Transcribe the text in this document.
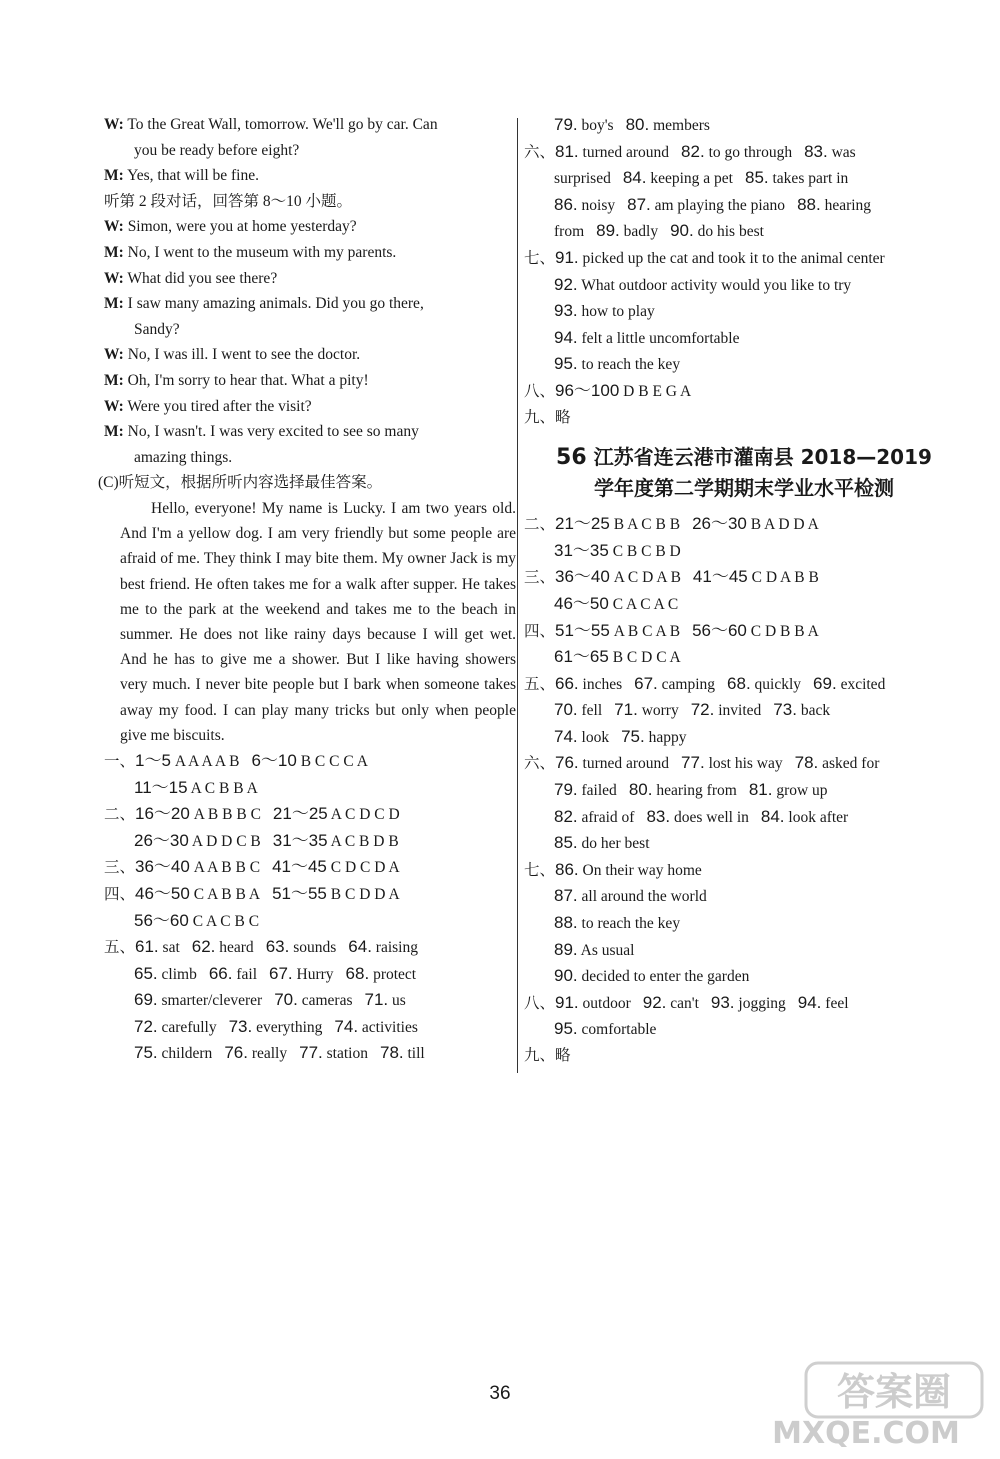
W: To the Great Wall, tomorrow. We'll go by car. Can
you be ready before eight?
M: Yes, that will be fine.
听第 2 段对话，回答第 8～10 小题。
W: Simon, were you at home yesterday?
M: No, I went to the museum with my parents.
W: What did you see there?
M: I saw many amazing animals. Did you go there,
Sandy?
W: No, I was ill. I went to see the doctor.
M: Oh, I'm sorry to hear that. What a pity!
W: Were you tired after the visit?
M: No, I wasn't. I was very excited to see so many
amazing things.
(C)听短文，根据所听内容选择最佳答案。
Hello, everyone! My name is Lucky. I am two years old. And I'm a yellow dog. I am very friendly but some people are afraid of me. They think I may bite them. My owner Jack is my best friend. He often takes me for a walk after supper. He takes me to the park at the weekend and takes me to the beach in summer. He does not like rainy days because I will get wet. And he has to give me a shower. But I like having showers very much. I never bite people but I bark when someone takes away my food. I can play many tricks but only when people give me biscuits.
一、1～5 A A A A B 6～10 B C C C A
11～15 A C B B A
二、16～20 A B B B C 21～25 A C D C D
26～30 A D D C B 31～35 A C B D B
三、36～40 A A B B C 41～45 C D C D A
四、46～50 C A B B A 51～55 B C D D A
56～60 C A C B C
五、61. sat 62. heard 63. sounds 64. raising
65. climb 66. fail 67. Hurry 68. protect
69. smarter/cleverer 70. cameras 71. us
72. carefully 73. everything 74. activities
75. childern 76. really 77. station 78. till
79. boy's 80. members
六、81. turned around 82. to go through 83. was
surprised 84. keeping a pet 85. takes part in
86. noisy 87. am playing the piano 88. hearing
from 89. badly 90. do his best
七、91. picked up the cat and took it to the animal center
92. What outdoor activity would you like to try
93. how to play
94. felt a little uncomfortable
95. to reach the key
八、96～100 D B E G A
九、略
56 江苏省连云港市灌南县 2018—2019
学年度第二学期期末学业水平检测
二、21～25 B A C B B 26～30 B A D D A
31～35 C B C B D
三、36～40 A C D A B 41～45 C D A B B
46～50 C A C A C
四、51～55 A B C A B 56～60 C D B B A
61～65 B C D C A
五、66. inches 67. camping 68. quickly 69. excited
70. fell 71. worry 72. invited 73. back
74. look 75. happy
六、76. turned around 77. lost his way 78. asked for
79. failed 80. hearing from 81. grow up
82. afraid of 83. does well in 84. look after
85. do her best
七、86. On their way home
87. all around the world
88. to reach the key
89. As usual
90. decided to enter the garden
八、91. outdoor 92. can't 93. jogging 94. feel
95. comfortable
九、略
36	答案圈
MXQE.COM
